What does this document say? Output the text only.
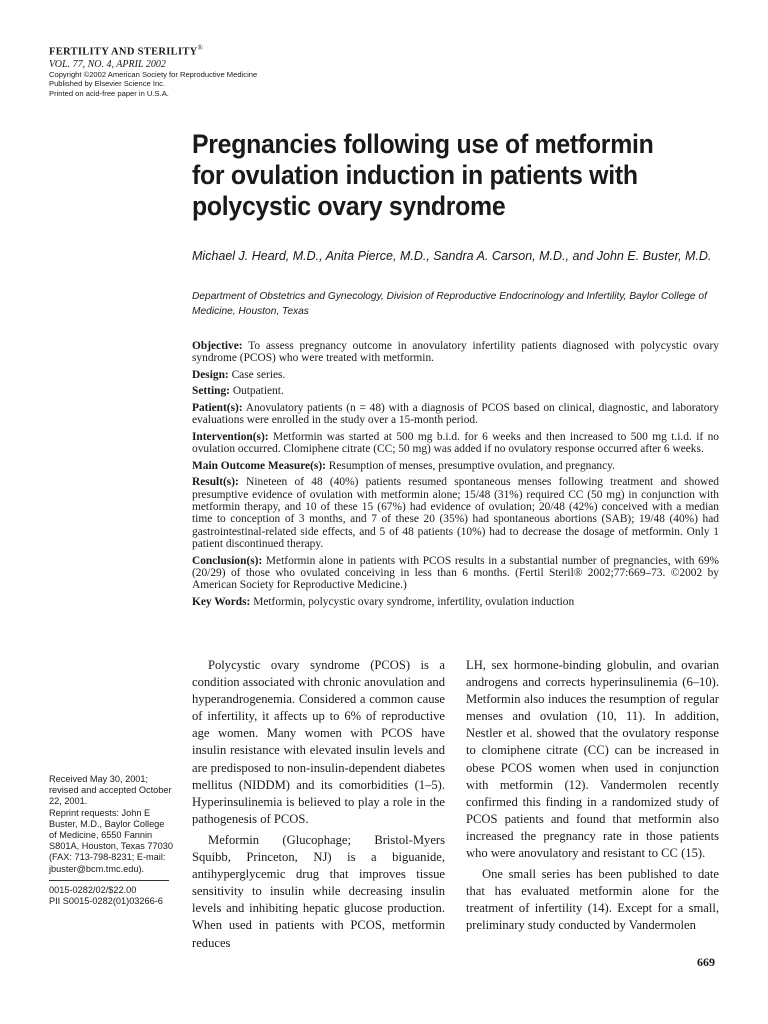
FERTILITY AND STERILITY®
VOL. 77, NO. 4, APRIL 2002
Copyright ©2002 American Society for Reproductive Medicine
Published by Elsevier Science Inc.
Printed on acid-free paper in U.S.A.
Pregnancies following use of metformin for ovulation induction in patients with polycystic ovary syndrome
Michael J. Heard, M.D., Anita Pierce, M.D., Sandra A. Carson, M.D., and John E. Buster, M.D.
Department of Obstetrics and Gynecology, Division of Reproductive Endocrinology and Infertility, Baylor College of Medicine, Houston, Texas

Objective: To assess pregnancy outcome in anovulatory infertility patients diagnosed with polycystic ovary syndrome (PCOS) who were treated with metformin.

Design: Case series.

Setting: Outpatient.

Patient(s): Anovulatory patients (n = 48) with a diagnosis of PCOS based on clinical, diagnostic, and laboratory evaluations were enrolled in the study over a 15-month period.

Intervention(s): Metformin was started at 500 mg b.i.d. for 6 weeks and then increased to 500 mg t.i.d. if no ovulation occurred. Clomiphene citrate (CC; 50 mg) was added if no ovulatory response occurred after 6 weeks.

Main Outcome Measure(s): Resumption of menses, presumptive ovulation, and pregnancy.

Result(s): Nineteen of 48 (40%) patients resumed spontaneous menses following treatment and showed presumptive evidence of ovulation with metformin alone; 15/48 (31%) required CC (50 mg) in conjunction with metformin therapy, and 10 of these 15 (67%) had evidence of ovulation; 20/48 (42%) conceived with a median time to conception of 3 months, and 7 of these 20 (35%) had spontaneous abortions (SAB); 19/48 (40%) had gastrointestinal-related side effects, and 5 of 48 patients (10%) had to decrease the dosage of metformin. Only 1 patient discontinued therapy.

Conclusion(s): Metformin alone in patients with PCOS results in a substantial number of pregnancies, with 69% (20/29) of those who ovulated conceiving in less than 6 months. (Fertil Steril® 2002;77:669–73. ©2002 by American Society for Reproductive Medicine.)

Key Words: Metformin, polycystic ovary syndrome, infertility, ovulation induction

Received May 30, 2001; revised and accepted October 22, 2001.

Reprint requests: John E Buster, M.D., Baylor College of Medicine, 6550 Fannin S801A, Houston, Texas 77030 (FAX: 713-798-8231; E-mail: jbuster@bcm.tmc.edu).

0015-0282/02/$22.00

PII S0015-0282(01)03266-6

Polycystic ovary syndrome (PCOS) is a condition associated with chronic anovulation and hyperandrogenemia. Considered a common cause of infertility, it affects up to 6% of reproductive age women. Many women with PCOS have insulin resistance with elevated insulin levels and are predisposed to non-insulin-dependent diabetes mellitus (NIDDM) and its comorbidities (1–5). Hyperinsulinemia is believed to play a role in the pathogenesis of PCOS.

Meformin (Glucophage; Bristol-Myers Squibb, Princeton, NJ) is a biguanide, antihyperglycemic drug that improves tissue sensitivity to insulin while decreasing insulin levels and inhibiting hepatic glucose production. When used in patients with PCOS, metformin reduces

LH, sex hormone-binding globulin, and ovarian androgens and corrects hyperinsulinemia (6–10). Metformin also induces the resumption of regular menses and ovulation (10, 11). In addition, Nestler et al. showed that the ovulatory response to clomiphene citrate (CC) can be increased in obese PCOS women when used in conjunction with metformin (12). Vandermolen recently confirmed this finding in a randomized study of PCOS patients and found that metformin also increased the pregnancy rate in those patients who were anovulatory and resistant to CC (15).

One small series has been published to date that has evaluated metformin alone for the treatment of infertility (14). Except for a small, preliminary study conducted by Vandermolen

669
